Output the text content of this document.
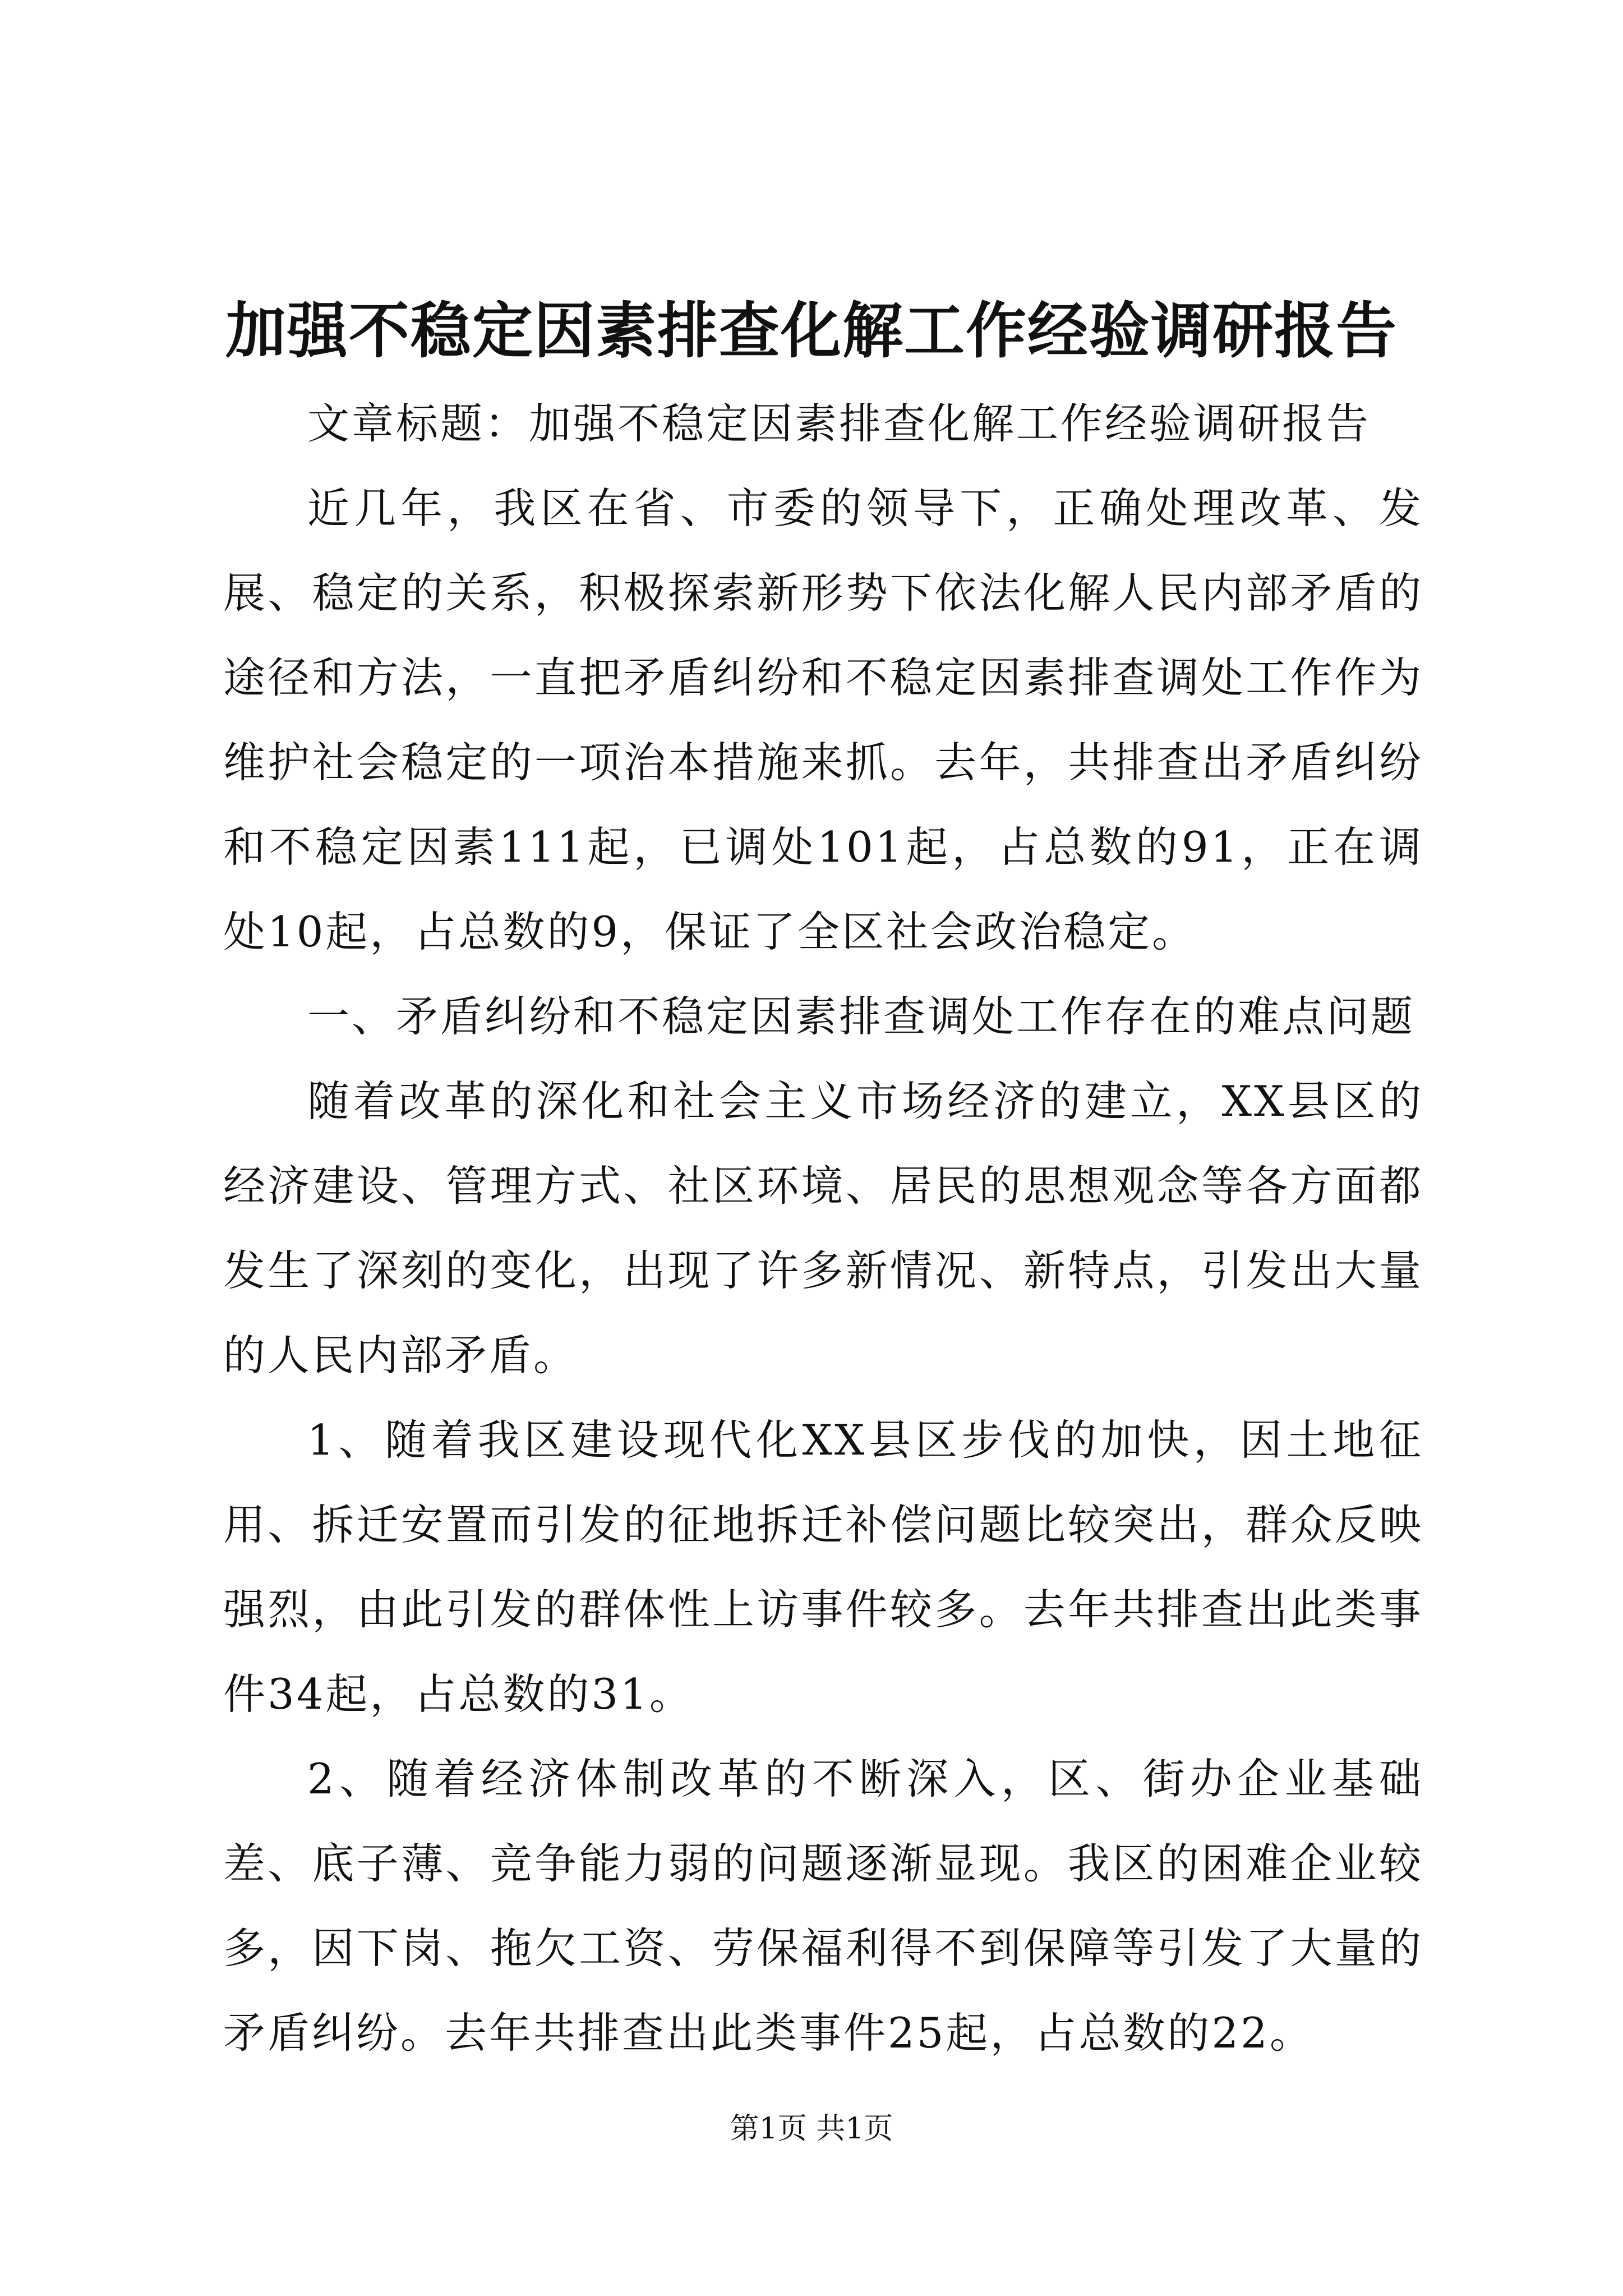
加强不稳定因素排查化解工作经验调研报告

文章标题：加强不稳定因素排查化解工作经验调研报告

近几年，我区在省、市委的领导下，正确处理改革、发展、稳定的关系，积极探索新形势下依法化解人民内部矛盾的途径和方法，一直把矛盾纠纷和不稳定因素排查调处工作作为维护社会稳定的一项治本措施来抓。去年，共排查出矛盾纠纷和不稳定因素111起，已调处101起，占总数的91，正在调处10起，占总数的9，保证了全区社会政治稳定。

一、矛盾纠纷和不稳定因素排查调处工作存在的难点问题

随着改革的深化和社会主义市场经济的建立，XX县区的经济建设、管理方式、社区环境、居民的思想观念等各方面都发生了深刻的变化，出现了许多新情况、新特点，引发出大量的人民内部矛盾。

1、随着我区建设现代化XX县区步伐的加快，因土地征用、拆迁安置而引发的征地拆迁补偿问题比较突出，群众反映强烈，由此引发的群体性上访事件较多。去年共排查出此类事件34起，占总数的31。

2、随着经济体制改革的不断深入，区、街办企业基础差、底子薄、竞争能力弱的问题逐渐显现。我区的困难企业较多，因下岗、拖欠工资、劳保福利得不到保障等引发了大量的矛盾纠纷。去年共排查出此类事件25起，占总数的22。

第1页 共1页
